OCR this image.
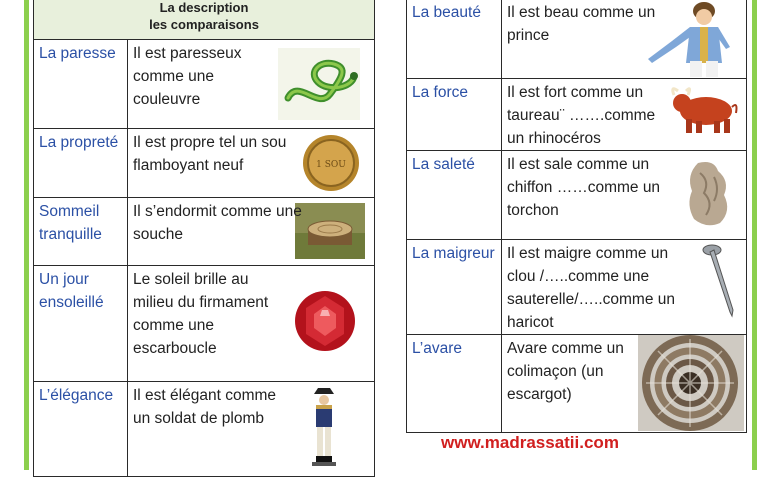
La description
les comparaisons	

La paresse	Il est paresseux comme une couleuvre

La propreté	Il est propre tel un sou flamboyant neuf 1 SOU

Sommeil tranquille	Il s’endormit comme une souche

Un jour ensoleillé	Le soleil brille au milieu du firmament comme une escarboucle

L’élégance	Il est élégant comme un soldat de plomb
La beauté	Il est beau comme un prince

La force	Il est fort comme un taureau¨ …….comme un rhinocéros

La saleté	Il est sale comme un chiffon ……comme un torchon

La maigreur	Il est maigre comme un clou /…..comme une sauterelle/…..comme un haricot

L’avare	Avare comme un colimaçon (un escargot)
www.madrassatii.com
